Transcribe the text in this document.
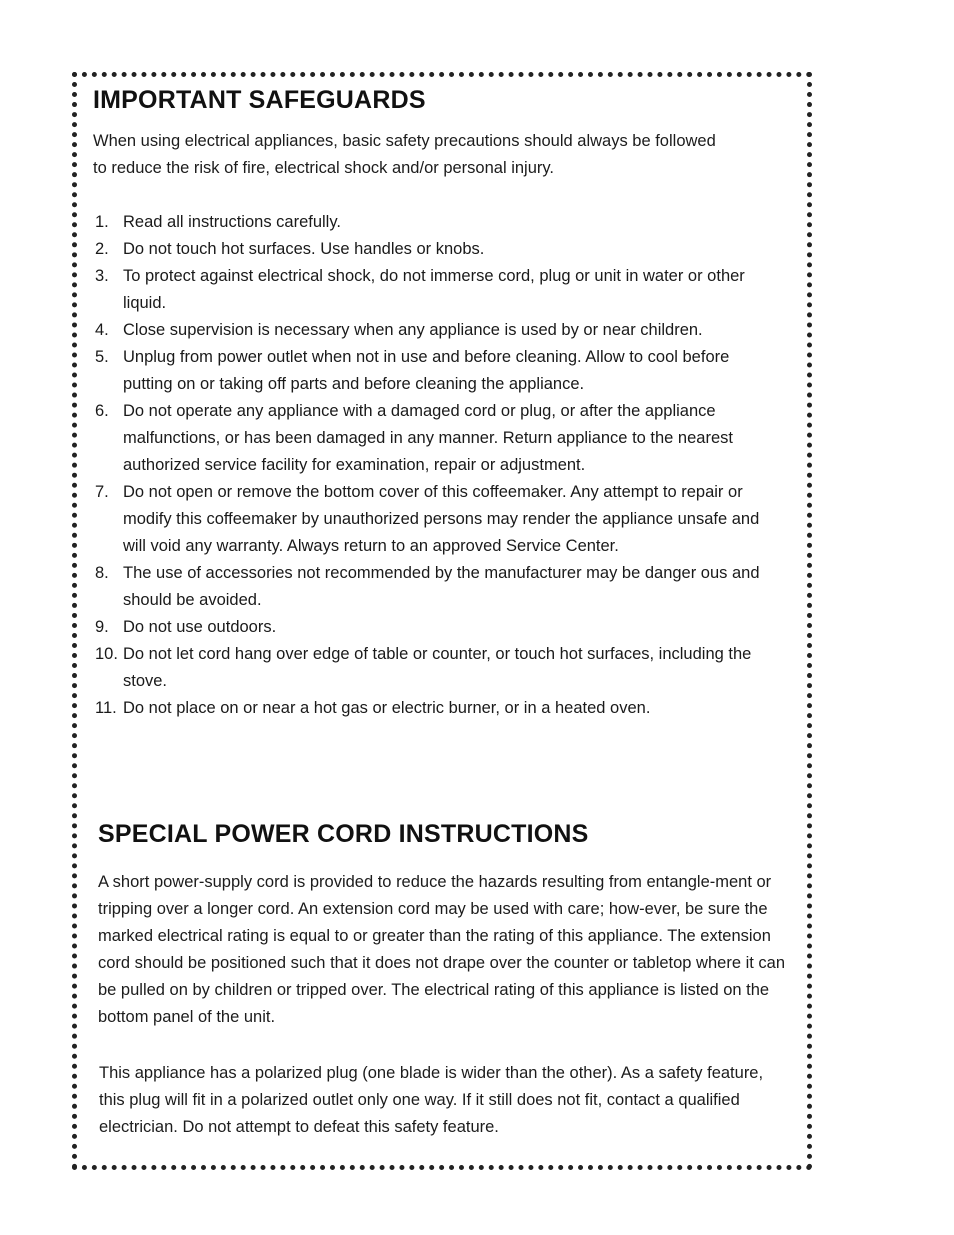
IMPORTANT SAFEGUARDS

When using electrical appliances, basic safety precautions should always be followed to reduce the risk of fire, electrical shock and/or personal injury.

1. Read all instructions carefully.
2. Do not touch hot surfaces. Use handles or knobs.
3. To protect against electrical shock, do not immerse cord, plug or unit in water or other liquid.
4. Close supervision is necessary when any appliance is used by or near children.
5. Unplug from power outlet when not in use and before cleaning. Allow to cool before putting on or taking off parts and before cleaning the appliance.
6. Do not operate any appliance with a damaged cord or plug, or after the appliance malfunctions, or has been damaged in any manner. Return appliance to the nearest authorized service facility for examination, repair or adjustment.
7. Do not open or remove the bottom cover of this coffeemaker. Any attempt to repair or modify this coffeemaker by unauthorized persons may render the appliance unsafe and will void any warranty. Always return to an approved Service Center.
8. The use of accessories not recommended by the manufacturer may be danger ous and should be avoided.
9. Do not use outdoors.
10. Do not let cord hang over edge of table or counter, or touch hot surfaces, including the stove.
11. Do not place on or near a hot gas or electric burner, or in a heated oven.
SPECIAL POWER CORD INSTRUCTIONS

A short power-supply cord is provided to reduce the hazards resulting from entangle-ment or tripping over a longer cord. An extension cord may be used with care; how-ever, be sure the marked electrical rating is equal to or greater than the rating of this appliance. The extension cord should be positioned such that it does not drape over the counter or tabletop where it can be pulled on by children or tripped over. The electrical rating of this appliance is listed on the bottom panel of the unit.

This appliance has a polarized plug (one blade is wider than the other). As a safety feature, this plug will fit in a polarized outlet only one way. If it still does not fit, contact a qualified electrician. Do not attempt to defeat this safety feature.
